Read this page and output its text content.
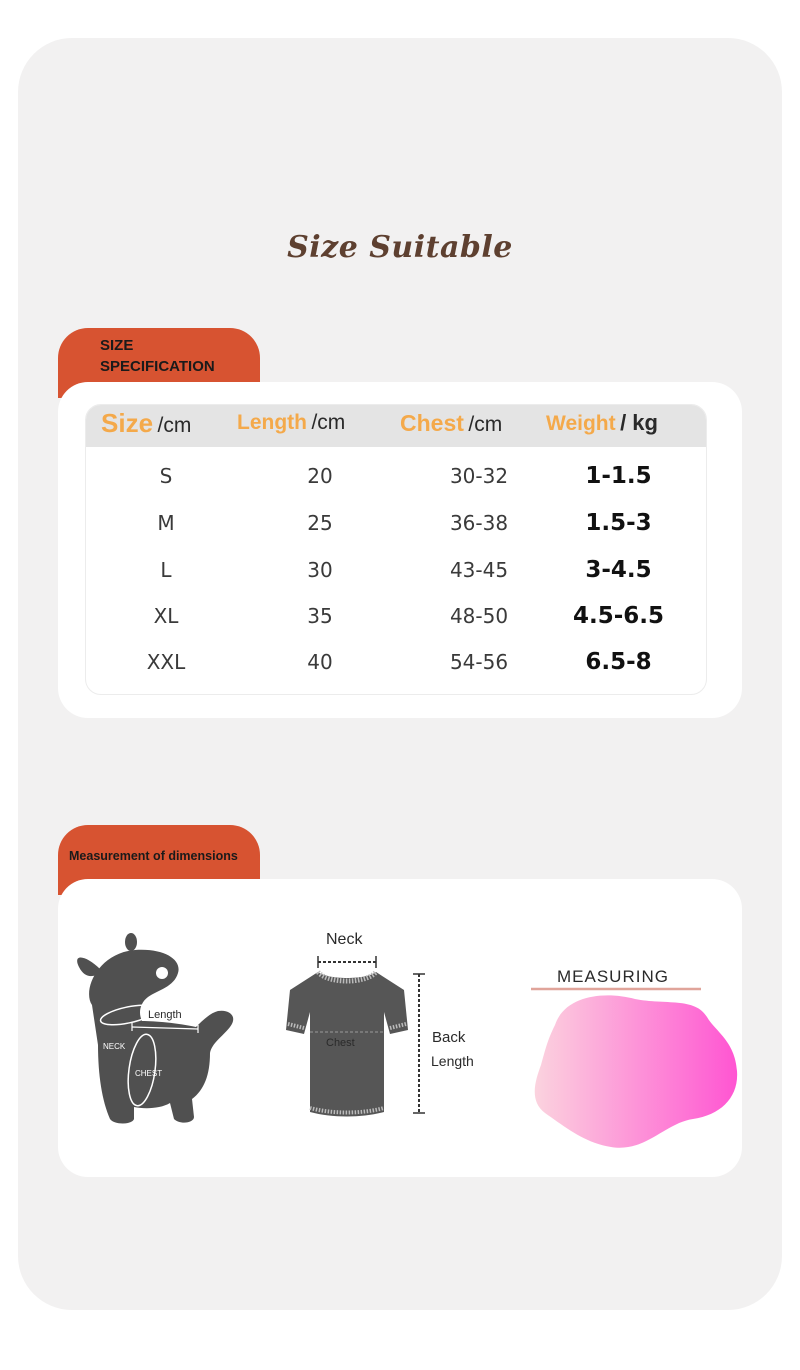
Size Suitable
SIZE
SPECIFICATION
Size /cm Length /cm Chest /cm Weight / kg
S	20	30-32	1-1.5
M	25	36-38	1.5-3
L	30	43-45	3-4.5
XL	35	48-50	4.5-6.5
XXL	40	54-56	6.5-8
Measurement of dimensions
Length
NECK
CHEST
Neck
Chest	Back
Length
MEASURING
